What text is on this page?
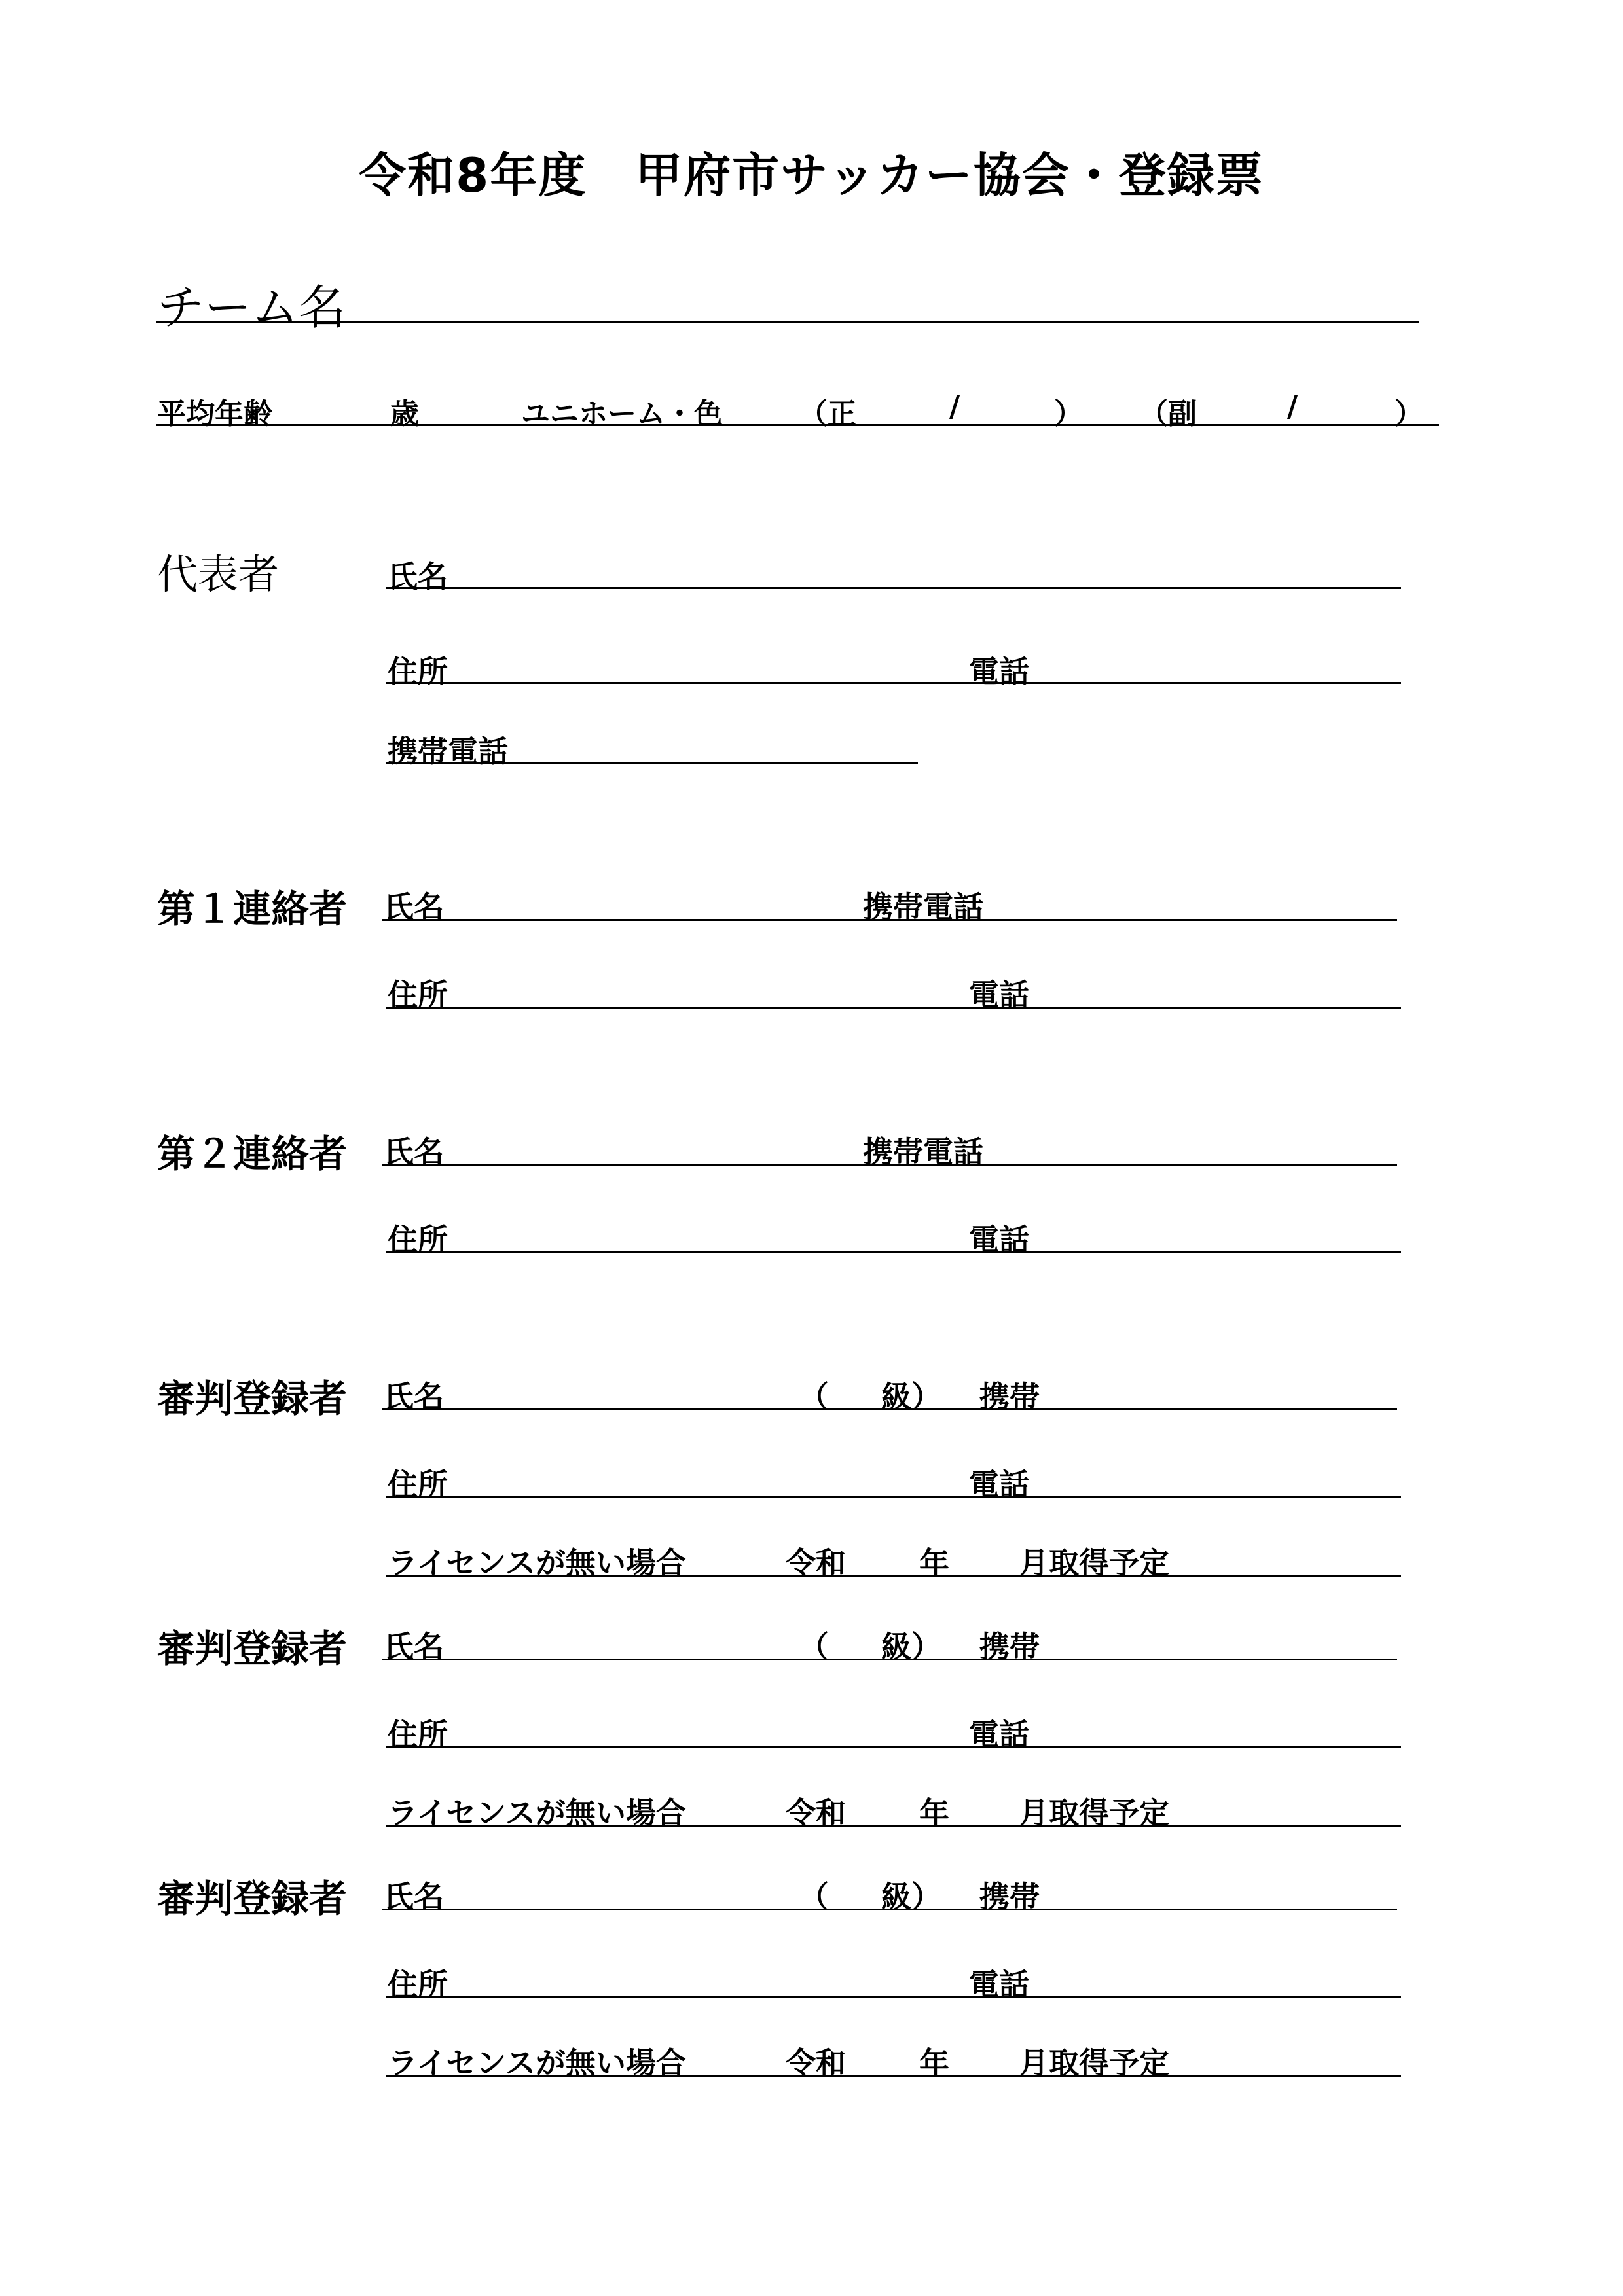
令和8年度　甲府市サッカー協会・登録票
チーム名
平均年齢	歳	ユニホーム・色	（正	/	） （副	/	）
代表者	氏名
住所	電話
携帯電話
第１連絡者 氏名	携帯電話
住所	電話
第２連絡者 氏名	携帯電話
住所	電話
審判登録者 氏名	（ 級） 携帯
住所	電話
ライセンスが無い場合	令和 年 月取得予定
審判登録者 氏名	（ 級） 携帯
住所	電話
ライセンスが無い場合	令和 年 月取得予定
審判登録者 氏名	（ 級） 携帯
住所	電話
ライセンスが無い場合	令和 年 月取得予定
